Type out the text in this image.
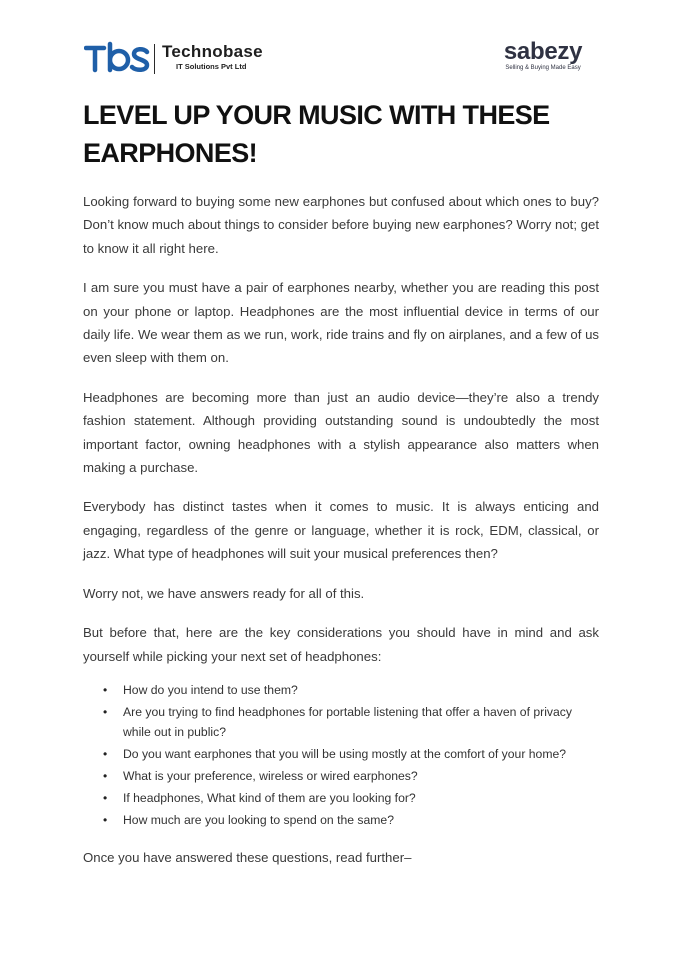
Technobase
IT Solutions Pvt Ltd
sabezy
Selling & Buying Made Easy
LEVEL UP YOUR MUSIC WITH THESE EARPHONES!

Looking forward to buying some new earphones but confused about which ones to buy? Don’t know much about things to consider before buying new earphones? Worry not; get to know it all right here.

I am sure you must have a pair of earphones nearby, whether you are reading this post on your phone or laptop. Headphones are the most influential device in terms of our daily life. We wear them as we run, work, ride trains and fly on airplanes, and a few of us even sleep with them on.

Headphones are becoming more than just an audio device—they’re also a trendy fashion statement. Although providing outstanding sound is undoubtedly the most important factor, owning headphones with a stylish appearance also matters when making a purchase.

Everybody has distinct tastes when it comes to music. It is always enticing and engaging, regardless of the genre or language, whether it is rock, EDM, classical, or jazz. What type of headphones will suit your musical preferences then?

Worry not, we have answers ready for all of this.

But before that, here are the key considerations you should have in mind and ask yourself while picking your next set of headphones:

• How do you intend to use them?
• Are you trying to find headphones for portable listening that offer a haven of privacy while out in public?
• Do you want earphones that you will be using mostly at the comfort of your home?
• What is your preference, wireless or wired earphones?
• If headphones, What kind of them are you looking for?
• How much are you looking to spend on the same?

Once you have answered these questions, read further–
